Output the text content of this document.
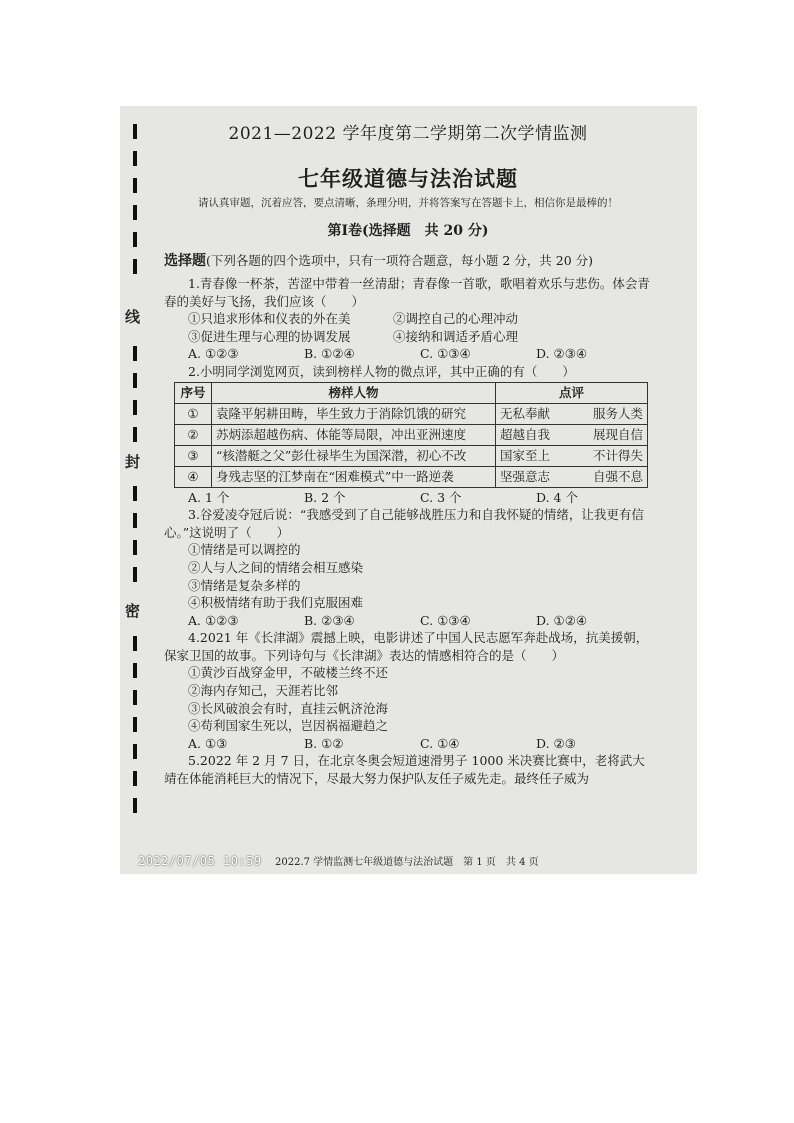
线
封
密
2021—2022 学年度第二学期第二次学情监测
七年级道德与法治试题
请认真审题，沉着应答，要点清晰，条理分明，并将答案写在答题卡上，相信你是最棒的！
第Ⅰ卷(选择题　共 20 分)
选择题(下列各题的四个选项中，只有一项符合题意，每小题 2 分，共 20 分)

1.青春像一杯茶，苦涩中带着一丝清甜；青春像一首歌，歌唱着欢乐与悲伤。体会青春的美好与飞扬，我们应该（　　）

①只追求形体和仪表的外在美	②调控自己的心理冲动
③促进生理与心理的协调发展	④接纳和调适矛盾心理
A. ①②③	B. ①②④	C. ①③④	D. ②③④

2.小明同学浏览网页，读到榜样人物的微点评，其中正确的有（　　）

序号	榜样人物	点评
①	袁隆平躬耕田畴，毕生致力于消除饥饿的研究	无私奉献 服务人类

②	苏炳添超越伤病、体能等局限，冲出亚洲速度	超越自我 展现自信

③	“核潜艇之父”彭仕禄毕生为国深潜，初心不改	国家至上 不计得失

④	身残志坚的江梦南在“困难模式”中一路逆袭	坚强意志 自强不息
A. 1 个	B. 2 个	C. 3 个	D. 4 个

3.谷爱凌夺冠后说：“我感受到了自己能够战胜压力和自我怀疑的情绪，让我更有信心。”这说明了（　　）

①情绪是可以调控的
②人与人之间的情绪会相互感染
③情绪是复杂多样的
④积极情绪有助于我们克服困难
A. ①②③	B. ②③④	C. ①③④	D. ①②④

4.2021 年《长津湖》震撼上映，电影讲述了中国人民志愿军奔赴战场，抗美援朝，保家卫国的故事。下列诗句与《长津湖》表达的情感相符合的是（　　）

①黄沙百战穿金甲，不破楼兰终不还
②海内存知己，天涯若比邻
③长风破浪会有时，直挂云帆济沧海
④苟利国家生死以，岂因祸福避趋之
A. ①③	B. ①②	C. ①④	D. ②③

5.2022 年 2 月 7 日，在北京冬奥会短道速滑男子 1000 米决赛比赛中，老将武大靖在体能消耗巨大的情况下，尽最大努力保护队友任子威先走。最终任子威为

2022/07/05 10:59 2022.7 学情监测七年级道德与法治试题　第 1 页　共 4 页
